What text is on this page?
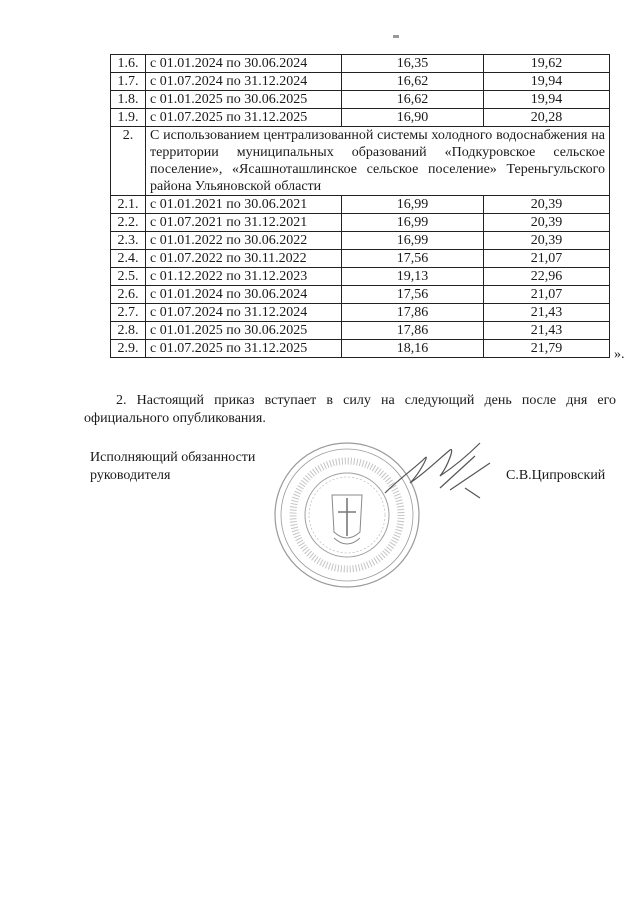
1.6.	с 01.01.2024 по 30.06.2024	16,35	19,62
1.7.	с 01.07.2024 по 31.12.2024	16,62	19,94
1.8.	с 01.01.2025 по 30.06.2025	16,62	19,94
1.9.	с 01.07.2025 по 31.12.2025	16,90	20,28
2.	С использованием централизованной системы холодного водоснабжения на территории муниципальных образований «Подкуровское сельское поселение», «Ясашноташлинское сельское поселение» Тереньгульского района Ульяновской области		
2.1.	с 01.01.2021 по 30.06.2021	16,99	20,39
2.2.	с 01.07.2021 по 31.12.2021	16,99	20,39
2.3.	с 01.01.2022 по 30.06.2022	16,99	20,39
2.4.	с 01.07.2022 по 30.11.2022	17,56	21,07
2.5.	с 01.12.2022 по 31.12.2023	19,13	22,96
2.6.	с 01.01.2024 по 30.06.2024	17,56	21,07
2.7.	с 01.07.2024 по 31.12.2024	17,86	21,43
2.8.	с 01.01.2025 по 30.06.2025	17,86	21,43
2.9.	с 01.07.2025 по 31.12.2025	18,16	21,79	».

2. Настоящий приказ вступает в силу на следующий день после дня его официального опубликования.

Исполняющий обязанности
руководителя	С.В.Ципровский
